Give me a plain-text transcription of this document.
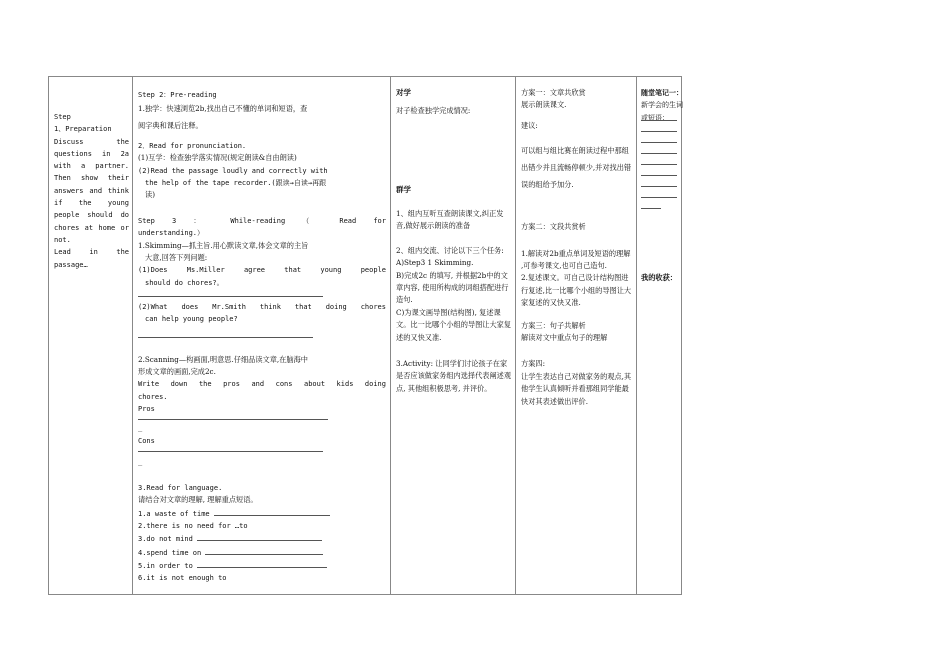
Step

1、Preparation

Discuss the

questions in 2a

with a partner.

Then show their

answers and think

if the young

people should do

chores at home or

not.

Lead in the

passage…

Step 2：Pre-reading

1.独学：快速浏览2b,找出自己不懂的单词和短语，查

阅字典和课后注释。

2．Read for pronunciation.

(1)互学：检查独学落实情况(规定朗读&自由朗读)

(2)Read the passage loudly and correctly with

the help of the tape recorder.(跟读→自读→再跟

读)

Step 3 ： While-reading （ Read for

understanding.）

1.Skimming—抓主旨.用心默读文章,体会文章的主旨

大意,回答下列问题:

(1)Does Ms.Miller agree that young people

should do chores?。

(2)What does Mr.Smith think that doing chores

can help young people?

2.Scanning—构画面,明意思.仔细品读文章,在脑海中

形成文章的画面,完成2c.

Write down the pros and cons about kids doing

chores.

Pros

_

Cons

_

3.Read for language.

请结合对文章的理解, 理解重点短语。

1.a waste of time

2.there is no need for …to

3.do not mind

4.spend time on

5.in order to

6.it is not enough to

对学

对子检查独学完成情况:

群学

1、组内互听互查朗读课文,纠正发音,做好展示朗读的准备

2、组内交流、讨论以下三个任务:

A)Step3 1 Skimming.

B)完成2c 的填写, 并根据2b中的文章内容, 使用所构成的词组搭配进行造句.

C)为课文画导图(结构图), 复述课文。比一比哪个小组的导图让大家复述的又快又准.

3.Activity: 让同学们讨论孩子在家是否应该做家务组内选择代表阐述观点, 其他组积极思考, 并评价。

方案一：文章共欣赏

展示朗读课文.

建议:

可以组与组比赛在朗读过程中那组出错少并且流畅停顿少,并对找出错误的组给予加分.

方案二：文段共赏析

1.解读对2b重点单词及短语的理解 ,可参考课文,也可自己造句.

2.复述课文。可自己设计结构图进行复述,比一比哪个小组的导图让大家复述的又快又准.

方案三：句子共解析

解读对文中重点句子的理解

方案四:

让学生表达自己对做家务的观点,其他学生认真倾听并看那组同学能最快对其表述做出评价.

随堂笔记一：新学会的生词或短语：

我的收获：
